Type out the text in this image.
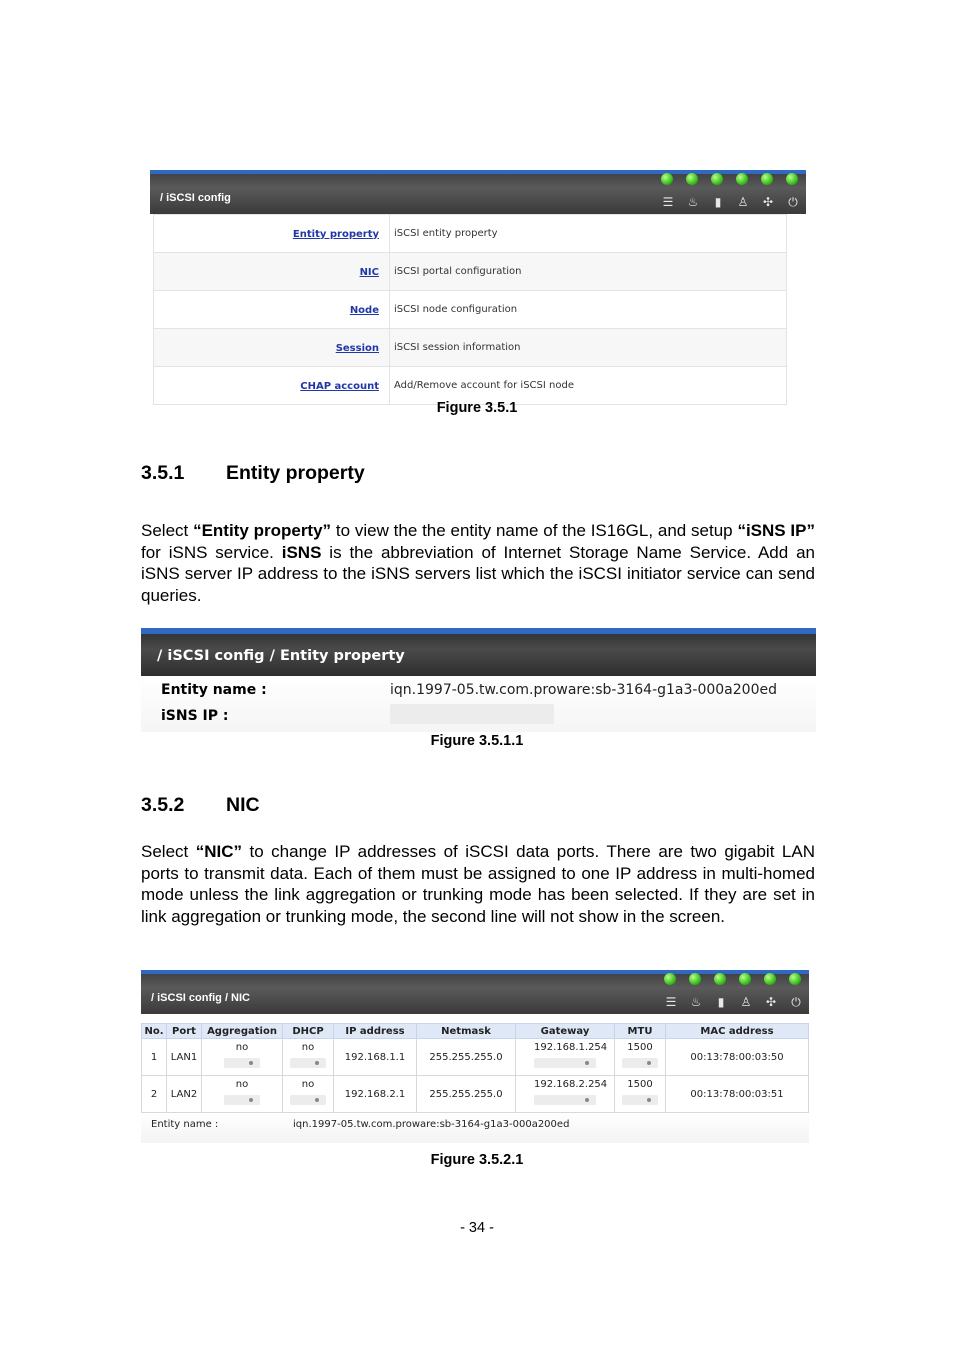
/ iSCSI config	☰ ♨	▮	♙ ✣ ⏻
Entity property	iSCSI entity property
NIC	iSCSI portal configuration
Node	iSCSI node configuration
Session	iSCSI session information
CHAP account	Add/Remove account for iSCSI node
Figure 3.5.1
3.5.1 Entity property
Select “Entity property” to view the the entity name of the IS16GL, and setup “iSNS IP” for iSNS service. iSNS is the abbreviation of Internet Storage Name Service. Add an iSNS server IP address to the iSNS servers list which the iSCSI initiator service can send queries.
/ iSCSI config / Entity property
Entity name :	iqn.1997-05.tw.com.proware:sb-3164-g1a3-000a200ed
iSNS IP :
Figure 3.5.1.1
3.5.2 NIC
Select “NIC” to change IP addresses of iSCSI data ports. There are two gigabit LAN ports to transmit data. Each of them must be assigned to one IP address in multi-homed mode unless the link aggregation or trunking mode has been selected. If they are set in link aggregation or trunking mode, the second line will not show in the screen.
/ iSCSI config / NIC	☰ ♨	▮	♙ ✣ ⏻
No.	Port	Aggregation	DHCP	IP address	Netmask	Gateway	MTU	MAC address
1	LAN1	no	no	192.168.1.1	255.255.255.0	192.168.1.254	1500	00:13:78:00:03:50
2	LAN2	no	no	192.168.2.1	255.255.255.0	192.168.2.254	1500	00:13:78:00:03:51
Entity name :	iqn.1997-05.tw.com.proware:sb-3164-g1a3-000a200ed
Figure 3.5.2.1
- 34 -
